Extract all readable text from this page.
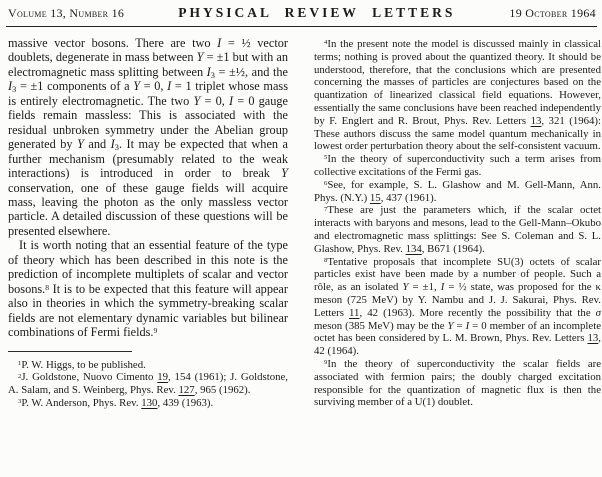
Volume 13, Number 16	PHYSICAL REVIEW LETTERS	19 October 1964

massive vector bosons. There are two I = ½ vector doublets, degenerate in mass between Y = ±1 but with an electromagnetic mass splitting between $I_3$ = ±½, and the $I_3 = \pm 1$ components of a Y = 0, I = 1 triplet whose mass is entirely electromagnetic. The two Y = 0, I = 0 gauge fields remain massless: This is associated with the residual unbroken symmetry under the Abelian group generated by Y and $I_3$. It may be expected that when a further mechanism (presumably related to the weak interactions) is introduced in order to break Y conservation, one of these gauge fields will acquire mass, leaving the photon as the only massless vector particle. A detailed discussion of these questions will be presented elsewhere.

It is worth noting that an essential feature of the type of theory which has been described in this note is the prediction of incomplete multiplets of scalar and vector bosons.$^8$ It is to be expected that this feature will appear also in theories in which the symmetry-breaking scalar fields are not elementary dynamic variables but bilinear combinations of Fermi fields.$^9$

$^1$P. W. Higgs, to be published.

$^2$J. Goldstone, Nuovo Cimento 19, 154 (1961); J. Goldstone, A. Salam, and S. Weinberg, Phys. Rev. 127, 965 (1962).

$^3$P. W. Anderson, Phys. Rev. 130, 439 (1963).

$^4$In the present note the model is discussed mainly in classical terms; nothing is proved about the quantized theory. It should be understood, therefore, that the conclusions which are presented concerning the masses of particles are conjectures based on the quantization of linearized classical field equations. However, essentially the same conclusions have been reached independently by F. Englert and R. Brout, Phys. Rev. Letters 13, 321 (1964): These authors discuss the same model quantum mechanically in lowest order perturbation theory about the self-consistent vacuum.

$^5$In the theory of superconductivity such a term arises from collective excitations of the Fermi gas.

$^6$See, for example, S. L. Glashow and M. Gell-Mann, Ann. Phys. (N.Y.) 15, 437 (1961).

$^7$These are just the parameters which, if the scalar octet interacts with baryons and mesons, lead to the Gell-Mann–Okubo and electromagnetic mass splittings: See S. Coleman and S. L. Glashow, Phys. Rev. 134, B671 (1964).

$^8$Tentative proposals that incomplete SU(3) octets of scalar particles exist have been made by a number of people. Such a rôle, as an isolated Y = ±1, I = ½ state, was proposed for the κ meson (725 MeV) by Y. Nambu and J. J. Sakurai, Phys. Rev. Letters 11, 42 (1963). More recently the possibility that the σ meson (385 MeV) may be the Y = I = 0 member of an incomplete octet has been considered by L. M. Brown, Phys. Rev. Letters 13, 42 (1964).

$^9$In the theory of superconductivity the scalar fields are associated with fermion pairs; the doubly charged excitation responsible for the quantization of magnetic flux is then the surviving member of a U(1) doublet.
